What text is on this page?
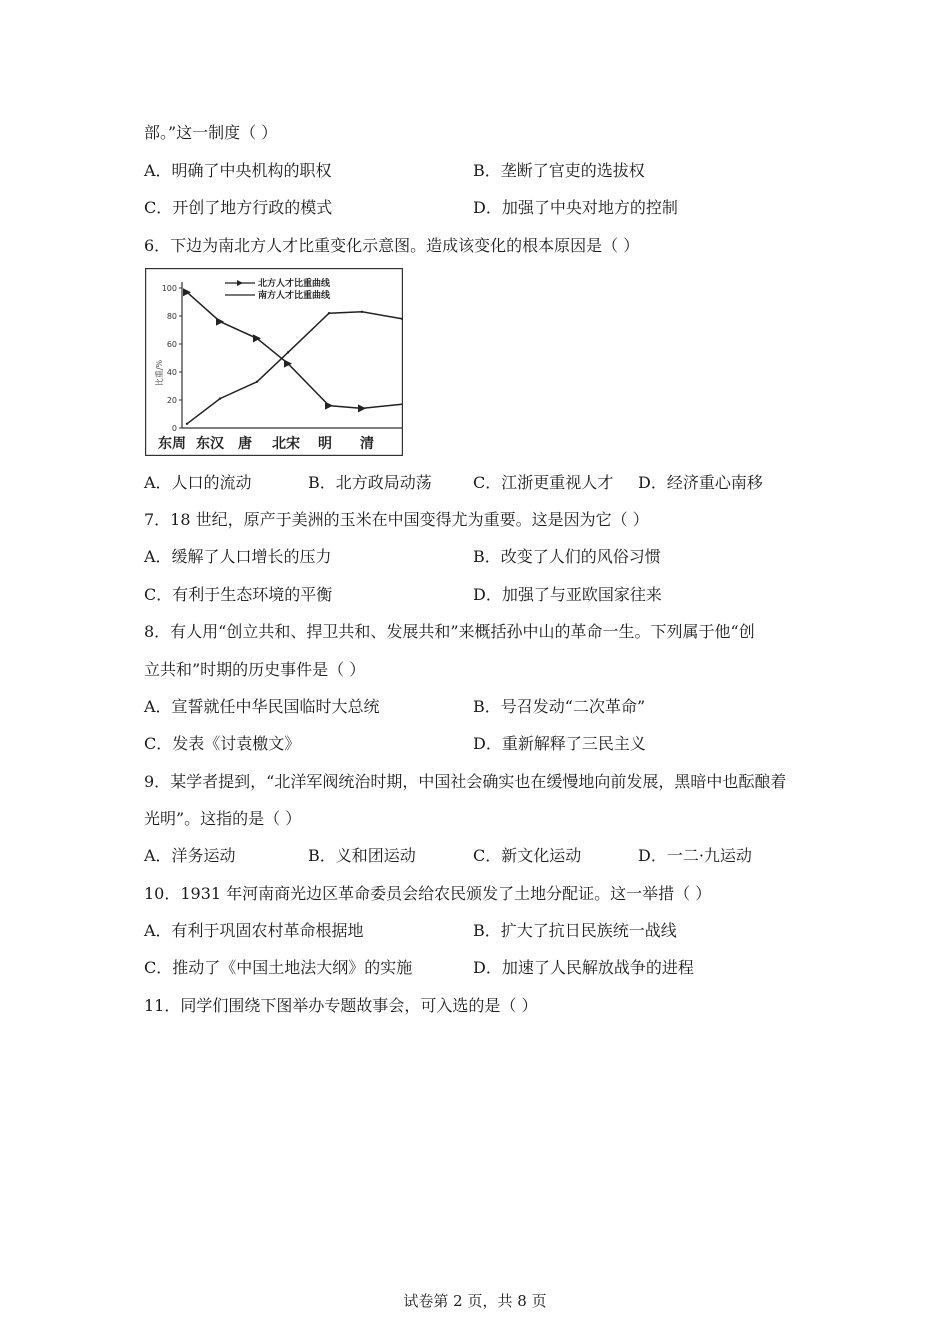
部。”这一制度（ ）
A．明确了中央机构的职权	B．垄断了官吏的选拔权
C．开创了地方行政的模式	D．加强了中央对地方的控制
6．下边为南北方人才比重变化示意图。造成该变化的根本原因是（ ）
比重/%
0
20
40
60
80
100
东周 东汉 唐 北宋 明 清
北方人才比重曲线
南方人才比重曲线
A．人口的流动	B．北方政局动荡	C．江浙更重视人才 D．经济重心南移
7．18 世纪，原产于美洲的玉米在中国变得尤为重要。这是因为它（ ）
A．缓解了人口增长的压力	B．改变了人们的风俗习惯
C．有利于生态环境的平衡	D．加强了与亚欧国家往来
8．有人用“创立共和、捍卫共和、发展共和”来概括孙中山的革命一生。下列属于他“创
立共和”时期的历史事件是（ ）
A．宣誓就任中华民国临时大总统	B．号召发动“二次革命”
C．发表《讨袁檄文》	D．重新解释了三民主义
9．某学者提到，“北洋军阀统治时期，中国社会确实也在缓慢地向前发展，黑暗中也酝酿着
光明”。这指的是（ ）
A．洋务运动	B．义和团运动	C．新文化运动	D．一二·九运动
10．1931 年河南商光边区革命委员会给农民颁发了土地分配证。这一举措（ ）
A．有利于巩固农村革命根据地	B．扩大了抗日民族统一战线
C．推动了《中国土地法大纲》的实施	D．加速了人民解放战争的进程
11．同学们围绕下图举办专题故事会，可入选的是（ ）
试卷第 2 页，共 8 页
